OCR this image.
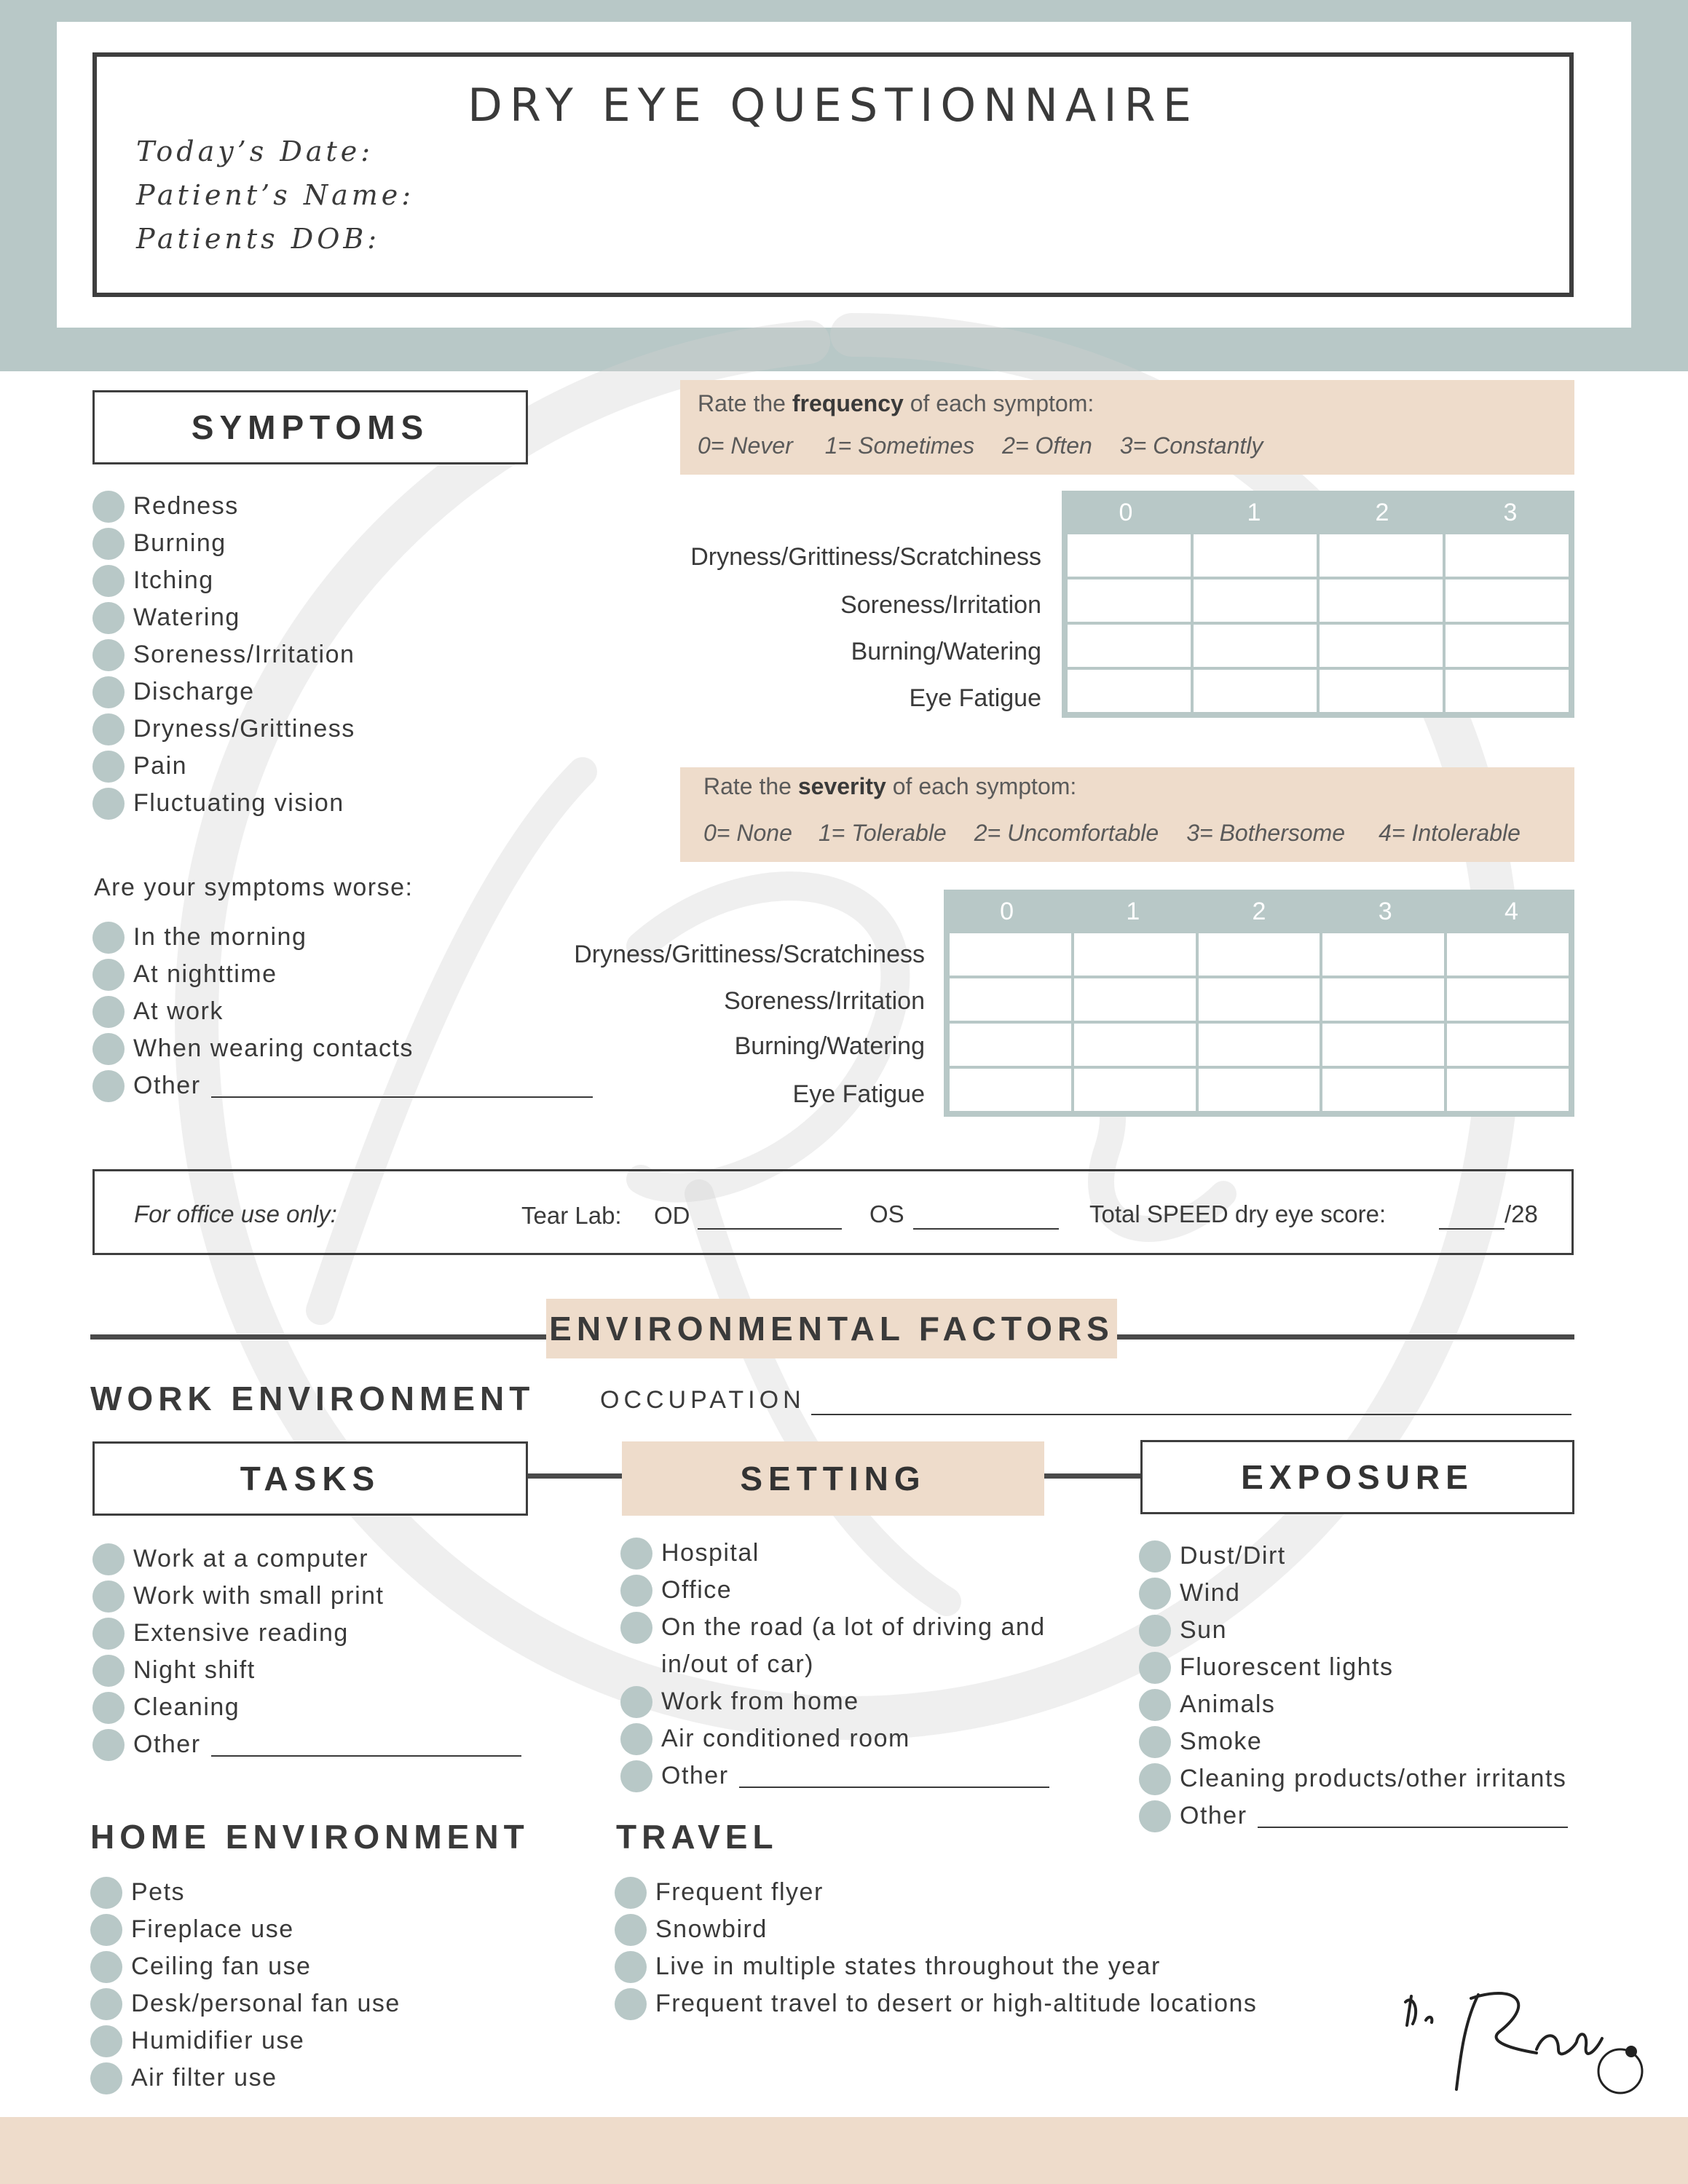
DRY EYE QUESTIONNAIRE
Today’s Date:
Patient’s Name:
Patients DOB:
SYMPTOMS
Redness
Burning
Itching
Watering
Soreness/Irritation
Discharge
Dryness/Grittiness
Pain
Fluctuating vision
Are your symptoms worse:
In the morning
At nighttime
At work
When wearing contacts
Other
Rate the frequency of each symptom:
0= Never 1= Sometimes 2= Often 3= Constantly
Dryness/Grittiness/Scratchiness
Soreness/Irritation
Burning/Watering
Eye Fatigue
0	1	2	3
Rate the severity of each symptom:
0= None 1= Tolerable 2= Uncomfortable 3= Bothersome 4= Intolerable
Dryness/Grittiness/Scratchiness
Soreness/Irritation
Burning/Watering
Eye Fatigue
0	1	2	3	4
For office use only:	Tear Lab: OD	OS	Total SPEED dry eye score:	/28
ENVIRONMENTAL FACTORS
WORK ENVIRONMENT	OCCUPATION
TASKS	SETTING	EXPOSURE
Work at a computer
Work with small print
Extensive reading
Night shift
Cleaning
Other
Hospital
Office
On the road (a lot of driving and
in/out of car)
Work from home
Air conditioned room
Other
Dust/Dirt
Wind
Sun
Fluorescent lights
Animals
Smoke
Cleaning products/other irritants
Other
HOME ENVIRONMENT
Pets
Fireplace use
Ceiling fan use
Desk/personal fan use
Humidifier use
Air filter use
TRAVEL
Frequent flyer
Snowbird
Live in multiple states throughout the year
Frequent travel to desert or high-altitude locations
